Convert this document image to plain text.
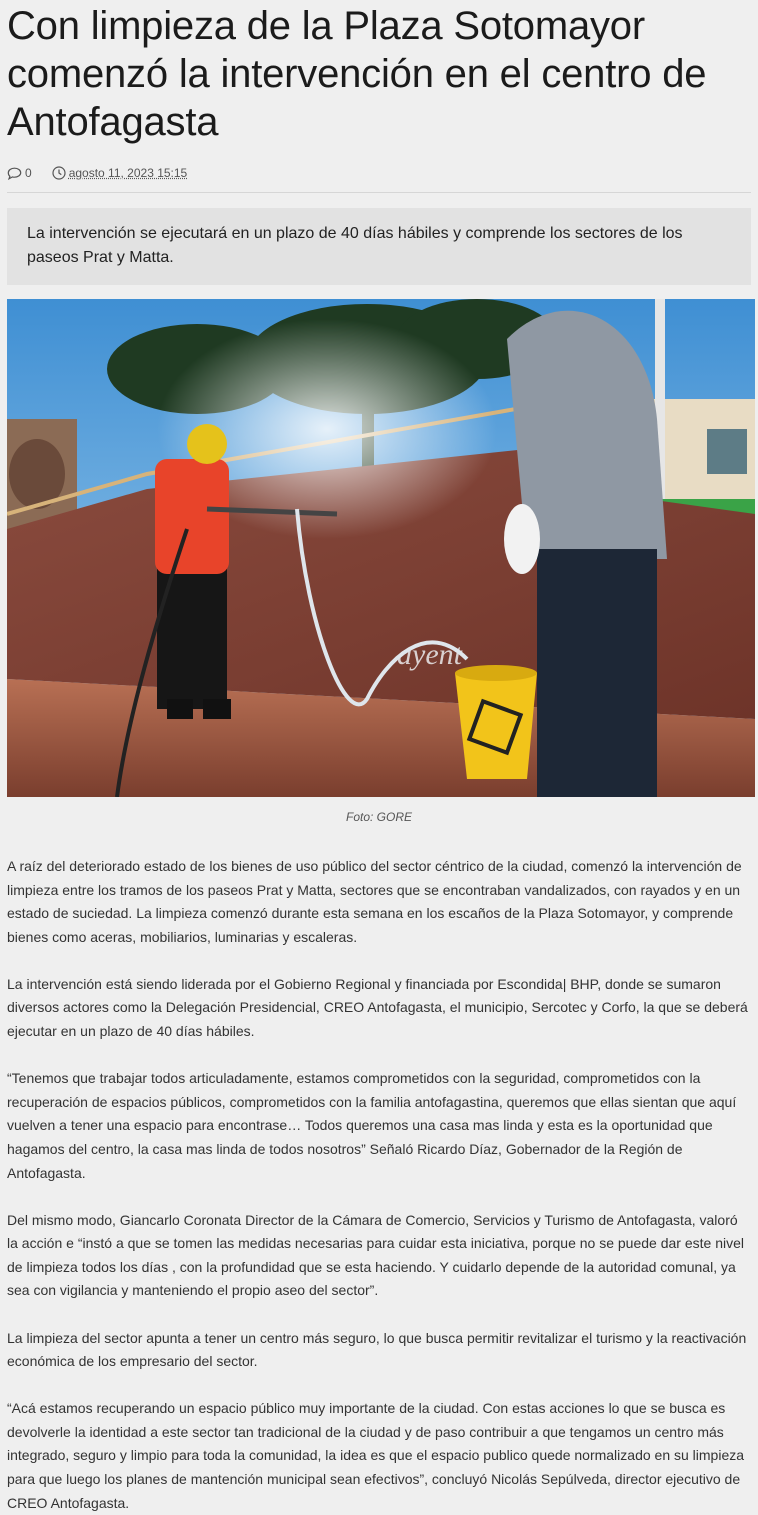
Con limpieza de la Plaza Sotomayor comenzó la intervención en el centro de Antofagasta
0	agosto 11, 2023 15:15
La intervención se ejecutará en un plazo de 40 días hábiles y comprende los sectores de los paseos Prat y Matta.
ayent
Foto: GORE

A raíz del deteriorado estado de los bienes de uso público del sector céntrico de la ciudad, comenzó la intervención de limpieza entre los tramos de los paseos Prat y Matta, sectores que se encontraban vandalizados, con rayados y en un estado de suciedad. La limpieza comenzó durante esta semana en los escaños de la Plaza Sotomayor, y comprende bienes como aceras, mobiliarios, luminarias y escaleras.

La intervención está siendo liderada por el Gobierno Regional y financiada por Escondida| BHP, donde se sumaron diversos actores como la Delegación Presidencial, CREO Antofagasta, el municipio, Sercotec y Corfo, la que se deberá ejecutar en un plazo de 40 días hábiles.

“Tenemos que trabajar todos articuladamente, estamos comprometidos con la seguridad, comprometidos con la recuperación de espacios públicos, comprometidos con la familia antofagastina, queremos que ellas sientan que aquí vuelven a tener una espacio para encontrase… Todos queremos una casa mas linda y esta es la oportunidad que hagamos del centro, la casa mas linda de todos nosotros” Señaló Ricardo Díaz, Gobernador de la Región de Antofagasta.

Del mismo modo, Giancarlo Coronata Director de la Cámara de Comercio, Servicios y Turismo de Antofagasta, valoró la acción e “instó a que se tomen las medidas necesarias para cuidar esta iniciativa, porque no se puede dar este nivel de limpieza todos los días , con la profundidad que se esta haciendo. Y cuidarlo depende de la autoridad comunal, ya sea con vigilancia y manteniendo el propio aseo del sector”.

La limpieza del sector apunta a tener un centro más seguro, lo que busca permitir revitalizar el turismo y la reactivación económica de los empresario del sector.

“Acá estamos recuperando un espacio público muy importante de la ciudad. Con estas acciones lo que se busca es devolverle la identidad a este sector tan tradicional de la ciudad y de paso contribuir a que tengamos un centro más integrado, seguro y limpio para toda la comunidad, la idea es que el espacio publico quede normalizado en su limpieza para que luego los planes de mantención municipal sean efectivos”, concluyó Nicolás Sepúlveda, director ejecutivo de CREO Antofagasta.
